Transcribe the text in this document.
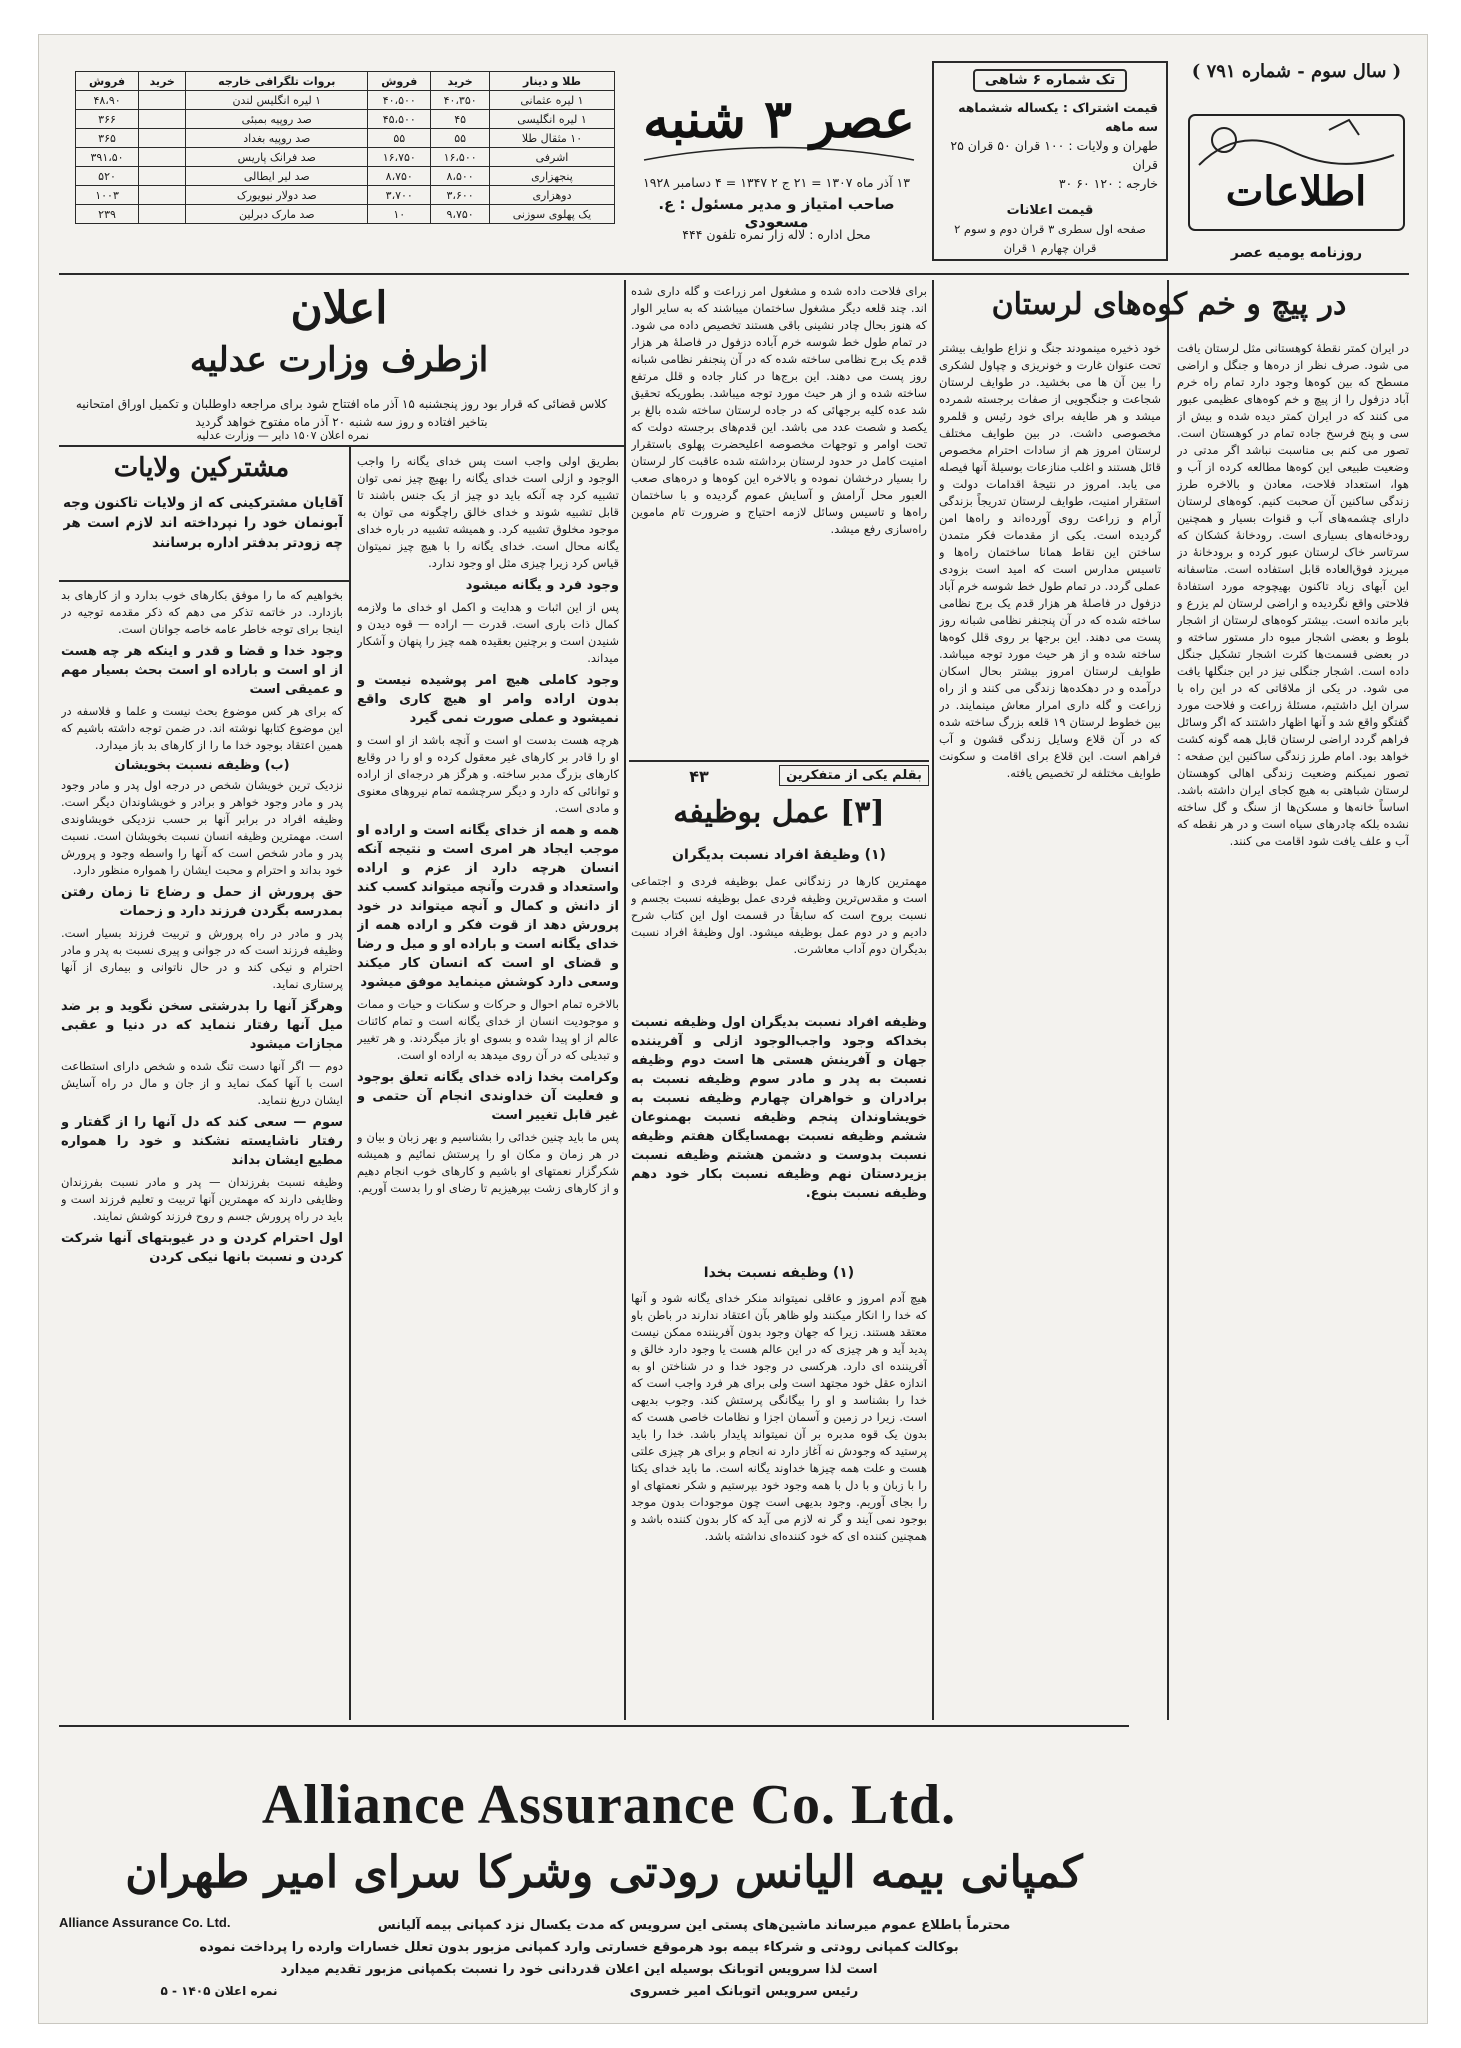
( سال سوم - شماره ۷۹۱ )
اطلاعات
روزنامه یومیه عصر
تک شماره ۶ شاهی
قیمت اشتراک : یکساله ششماهه سه ماهه
طهران و ولایات : ۱۰۰ قران ۵۰ قران ۲۵ قران
خارجه : ۱۲۰ ۶۰ ۳۰
قیمت اعلانات
صفحه اول سطری ۳ قران دوم و سوم ۲ قران چهارم ۱ قران
عصر ۳ شنبه
۱۳ آذر ماه ۱۳۰۷ = ۲۱ ج ۲ ۱۳۴۷ = ۴ دسامبر ۱۹۲۸
صاحب امتیاز و مدیر مسئول : ع. مسعودی
محل اداره : لاله زار نمره تلفون ۴۴۴
طلا و دینار	خرید	فروش	بروات تلگرافی خارجه	خرید	فروش
۱ لیره عثمانی	۴۰،۳۵۰	۴۰،۵۰۰	۱ لیره انگلیس لندن		۴۸،۹۰
۱ لیره انگلیسی	۴۵	۴۵،۵۰۰	صد روپیه بمبئی		۳۶۶
۱۰ مثقال طلا	۵۵	۵۵	صد روپیه بغداد		۳۶۵
اشرفی	۱۶،۵۰۰	۱۶،۷۵۰	صد فرانک پاریس		۳۹۱،۵۰
پنجهزاری	۸،۵۰۰	۸،۷۵۰	صد لیر ایطالی		۵۲۰
دوهزاری	۳،۶۰۰	۳،۷۰۰	صد دولار نیویورک		۱۰۰۳
یک پهلوی سوزنی	۹،۷۵۰	۱۰	صد مارک دبرلین		۲۳۹
در پیچ و خم کوه‌های لرستان
در ایران کمتر نقطهٔ کوهستانی مثل لرستان یافت می شود. صرف نظر از دره‌ها و جنگل و اراضی مسطح که بین کوه‌ها وجود دارد تمام راه خرم آباد دزفول را از پیچ و خم کوه‌های عظیمی عبور می کنند که در ایران کمتر دیده شده و بیش از سی و پنج فرسخ جاده تمام در کوهستان است. تصور می کنم بی مناسبت نباشد اگر مدتی در وضعیت طبیعی این کوه‌ها مطالعه کرده از آب و هوا، استعداد فلاحت، معادن و بالاخره طرز زندگی ساکنین آن صحبت کنیم. کوه‌های لرستان دارای چشمه‌های آب و قنوات بسیار و همچنین رودخانه‌های بسیاری است. رودخانهٔ کشکان که سرتاسر خاک لرستان عبور کرده و برودخانهٔ دز میریزد فوق‌العاده قابل استفاده است. متاسفانه این آبهای زیاد تاکنون بهیچوجه مورد استفادهٔ فلاحتی واقع نگردیده و اراضی لرستان لم یزرع و بایر مانده است. بیشتر کوه‌های لرستان از اشجار بلوط و بعضی اشجار میوه دار مستور ساخته و در بعضی قسمت‌ها کثرت اشجار تشکیل جنگل داده است. اشجار جنگلی نیز در این جنگلها یافت می شود. در یکی از ملاقاتی که در این راه با سران ایل داشتیم، مسئلهٔ زراعت و فلاحت مورد گفتگو واقع شد و آنها اظهار داشتند که اگر وسائل فراهم گردد اراضی لرستان قابل همه گونه کشت خواهد بود. امام طرز زندگی ساکنین این صفحه : تصور نمیکنم وضعیت زندگی اهالی کوهستان لرستان شباهتی به هیچ کجای ایران داشته باشد. اساساً خانه‌ها و مسکن‌ها از سنگ و گل ساخته نشده بلکه چادرهای سیاه است و در هر نقطه که آب و علف یافت شود اقامت می کنند.
خود ذخیره مینمودند جنگ و نزاع طوایف بیشتر تحت عنوان غارت و خونریزی و چپاول لشکری را بین آن ها می بخشید. در طوایف لرستان شجاعت و جنگجویی از صفات برجسته شمرده میشد و هر طایفه برای خود رئیس و قلمرو مخصوصی داشت. در بین طوایف مختلف لرستان امروز هم از سادات احترام مخصوص قائل هستند و اغلب منازعات بوسیلهٔ آنها فیصله می یابد. امروز در نتیجهٔ اقدامات دولت و استقرار امنیت، طوایف لرستان تدریجاً بزندگی آرام و زراعت روی آورده‌اند و راه‌ها امن گردیده است. یکی از مقدمات فکر متمدن ساختن این نقاط همانا ساختمان راه‌ها و تاسیس مدارس است که امید است بزودی عملی گردد. در تمام طول خط شوسه خرم آباد دزفول در فاصلهٔ هر هزار قدم یک برج نظامی ساخته شده که در آن پنجنفر نظامی شبانه روز پست می دهند. این برجها بر روی قلل کوه‌ها ساخته شده و از هر حیث مورد توجه میباشد. طوایف لرستان امروز بیشتر بحال اسکان درآمده و در دهکده‌ها زندگی می کنند و از راه زراعت و گله داری امرار معاش مینمایند. در بین خطوط لرستان ۱۹ قلعه بزرگ ساخته شده که در آن قلاع وسایل زندگی قشون و آب فراهم است. این قلاع برای اقامت و سکونت طوایف مختلفه لر تخصیص یافته.
برای فلاحت داده شده و مشغول امر زراعت و گله داری شده اند. چند قلعه دیگر مشغول ساختمان میباشند که به سایر الوار که هنوز بحال چادر نشینی باقی هستند تخصیص داده می شود. در تمام طول خط شوسه خرم آباده دزفول در فاصلهٔ هر هزار قدم یک برج نظامی ساخته شده که در آن پنجنفر نظامی شبانه روز پست می دهند. این برج‌ها در کنار جاده و قلل مرتفع ساخته شده و از هر حیث مورد توجه میباشد. بطوریکه تحقیق شد عده کلیه برجهائی که در جاده لرستان ساخته شده بالغ بر یکصد و شصت عدد می باشد. این قدم‌های برجسته دولت که تحت اوامر و توجهات مخصوصه اعلیحضرت پهلوی باستقرار امنیت کامل در حدود لرستان برداشته شده عاقبت کار لرستان را بسیار درخشان نموده و بالاخره این کوه‌ها و دره‌های صعب العبور محل آرامش و آسایش عموم گردیده و با ساختمان راه‌ها و تاسیس وسائل لازمه احتیاج و ضرورت تام ماموین راه‌سازی رفع میشد.
بقلم یکی از متفکرین
۴۳
[۳] عمل بوظیفه
(۱) وظیفهٔ افراد نسبت بدیگران
مهمترین کارها در زندگانی عمل بوظیفه فردی و اجتماعی است و مقدس‌ترین وظیفه فردی عمل بوظیفه نسبت بجسم و نسبت بروح است که سابقاً در قسمت اول این کتاب شرح دادیم و در دوم عمل بوظیفه میشود. اول وظیفهٔ افراد نسبت بدیگران دوم آداب معاشرت.
وظیفه افراد نسبت بدیگران اول وظیفه نسبت بخداکه وجود واجب‌الوجود ازلی و آفریننده جهان و آفرینش هستی ها است دوم وظیفه نسبت به پدر و مادر سوم وظیفه نسبت به برادران و خواهران چهارم وظیفه نسبت به خویشاوندان پنجم وظیفه نسبت بهمنوعان ششم وظیفه نسبت بهمسایگان هفتم وظیفه نسبت بدوست و دشمن هشتم وظیفه نسبت بزیردستان نهم وظیفه نسبت بکار خود دهم وظیفه نسبت بنوع.
(۱) وظیفه نسبت بخدا
هیچ آدم امروز و عاقلی نمیتواند منکر خدای یگانه شود و آنها که خدا را انکار میکنند ولو ظاهر بآن اعتقاد ندارند در باطن باو معتقد هستند. زیرا که جهان وجود بدون آفریننده ممکن نیست پدید آید و هر چیزی که در این عالم هست یا وجود دارد خالق و آفریننده ای دارد. هرکسی در وجود خدا و در شناختن او به اندازه عقل خود مجتهد است ولی برای هر فرد واجب است که خدا را بشناسد و او را بیگانگی پرستش کند. وجوب بدیهی است. زیرا در زمین و آسمان اجزا و نظامات خاصی هست که بدون یک قوه مدبره بر آن نمیتواند پایدار باشد. خدا را باید پرستید که وجودش نه آغاز دارد نه انجام و برای هر چیزی علتی هست و علت همه چیزها خداوند یگانه است. ما باید خدای یکتا را با زبان و با دل با همه وجود خود بپرستیم و شکر نعمتهای او را بجای آوریم. وجود بدیهی است چون موجودات بدون موجد بوجود نمی آیند و گر نه لازم می آید که کار بدون کننده باشد و همچنین کننده ای که خود کننده‌ای نداشته باشد.
اعلان
ازطرف وزارت عدلیه
کلاس قضائی که قرار بود روز پنجشنبه ۱۵ آذر ماه افتتاح شود برای مراجعه داوطلبان و تکمیل اوراق امتحانیه بتاخیر افتاده و روز سه شنبه ۲۰ آذر ماه مفتوح خواهد گردید
نمره اعلان ۱۵۰۷ دایر — وزارت عدلیه
مشترکین ولایات
آقایان مشترکینی که از ولایات تاکنون وجه آبونمان خود را نپرداخته اند لازم است هر چه زودتر بدفتر اداره برسانند
بخواهیم که ما را موفق بکارهای خوب بدارد و از کارهای بد بازدارد. در خاتمه تذکر می دهم که ذکر مقدمه توجیه در اینجا برای توجه خاطر عامه خاصه جوانان است.
وجود خدا و قضا و قدر و اینکه هر چه هست از او است و باراده او است بحث بسیار مهم و عمیقی است
که برای هر کس موضوع بحث نیست و علما و فلاسفه در این موضوع کتابها نوشته اند. در ضمن توجه داشته باشیم که همین اعتقاد بوجود خدا ما را از کارهای بد باز میدارد.
(ب) وظیفه نسبت بخویشان
نزدیک ترین خویشان شخص در درجه اول پدر و مادر وجود پدر و مادر وجود خواهر و برادر و خویشاوندان دیگر است. وظیفه افراد در برابر آنها بر حسب نزدیکی خویشاوندی است. مهمترین وظیفه انسان نسبت بخویشان است. نسبت پدر و مادر شخص است که آنها را واسطه وجود و پرورش خود بداند و احترام و محبت ایشان را همواره منظور دارد.
حق پرورش از حمل و رضاع تا زمان رفتن بمدرسه بگردن فرزند دارد و زحمات
پدر و مادر در راه پرورش و تربیت فرزند بسیار است. وظیفه فرزند است که در جوانی و پیری نسبت به پدر و مادر احترام و نیکی کند و در حال ناتوانی و بیماری از آنها پرستاری نماید.
وهرگز آنها را بدرشتی سخن نگوید و بر ضد میل آنها رفتار ننماید که در دنیا و عقبی مجازات میشود
دوم — اگر آنها دست تنگ شده و شخص دارای استطاعت است با آنها کمک نماید و از جان و مال در راه آسایش ایشان دریغ ننماید.
سوم — سعی کند که دل آنها را از گفتار و رفتار ناشایسته نشکند و خود را همواره مطیع ایشان بداند
وظیفه نسبت بفرزندان — پدر و مادر نسبت بفرزندان وظایفی دارند که مهمترین آنها تربیت و تعلیم فرزند است و باید در راه پرورش جسم و روح فرزند کوشش نمایند.
اول احترام کردن و در غیوبتهای آنها شرکت کردن و نسبت بانها نیکی کردن
بطریق اولی واجب است پس خدای یگانه را واجب الوجود و ازلی است خدای یگانه را بهیچ چیز نمی توان تشبیه کرد چه آنکه باید دو چیز از یک جنس باشند تا قابل تشبیه شوند و خدای خالق راچگونه می توان به موجود مخلوق تشبیه کرد. و همیشه تشبیه در باره خدای یگانه محال است. خدای یگانه را با هیچ چیز نمیتوان قیاس کرد زیرا چیزی مثل او وجود ندارد.
وجود فرد و یگانه میشود
پس از این اثبات و هدایت و اکمل او خدای ما ولازمه کمال ذات باری است. قدرت — اراده — قوه دیدن و شنیدن است و برچنین بعقیده همه چیز را پنهان و آشکار میداند.
وجود کاملی هیچ امر پوشیده نیست و بدون اراده وامر او هیچ کاری واقع نمیشود و عملی صورت نمی گیرد
هرچه هست بدست او است و آنچه باشد از او است و او را قادر بر کارهای غیر معقول کرده و او را در وقایع کارهای بزرگ مدبر ساخته. و هرگز هر درجه‌ای از اراده و توانائی که دارد و دیگر سرچشمه تمام نیروهای معنوی و مادی است.
همه و همه از خدای یگانه است و اراده او موجب ایجاد هر امری است و نتیجه آنکه انسان هرچه دارد از عزم و اراده واستعداد و قدرت وآنچه میتواند کسب کند از دانش و کمال و آنچه میتواند در خود پرورش دهد از قوت فکر و اراده همه از خدای یگانه است و باراده او و میل و رضا و قضای او است که انسان کار میکند وسعی دارد کوشش مینماید موفق میشود
بالاخره تمام احوال و حرکات و سکنات و حیات و ممات و موجودیت انسان از خدای یگانه است و تمام کائنات عالم از او پیدا شده و بسوی او باز میگردند. و هر تغییر و تبدیلی که در آن روی میدهد به اراده او است.
وکرامت بخدا زاده خدای یگانه تعلق بوجود و فعلیت آن خداوندی انجام آن حتمی و غیر قابل تغییر است
پس ما باید چنین خدائی را بشناسیم و بهر زبان و بیان و در هر زمان و مکان او را پرستش نمائیم و همیشه شکرگزار نعمتهای او باشیم و کارهای خوب انجام دهیم و از کارهای زشت بپرهیزیم تا رضای او را بدست آوریم.
Alliance Assurance Co. Ltd.
کمپانی بیمه الیانس رودتی وشرکا سرای امیر طهران
Alliance Assurance Co. Ltd.	محترماً باطلاع عموم میرساند ماشین‌های پستی این سرویس که مدت یکسال نزد کمپانی بیمه آلیانس
بوکالت کمپانی رودتی و شرکاء بیمه بود هرموقع خسارتی وارد کمپانی مزبور بدون تعلل خسارات وارده را پرداخت نموده
است لذا سرویس اتوبانک بوسیله این اعلان قدردانی خود را نسبت بکمپانی مزبور تقدیم میدارد
رئیس سرویس اتوبانک امیر خسروی
نمره اعلان ۱۴۰۵ - ۵
